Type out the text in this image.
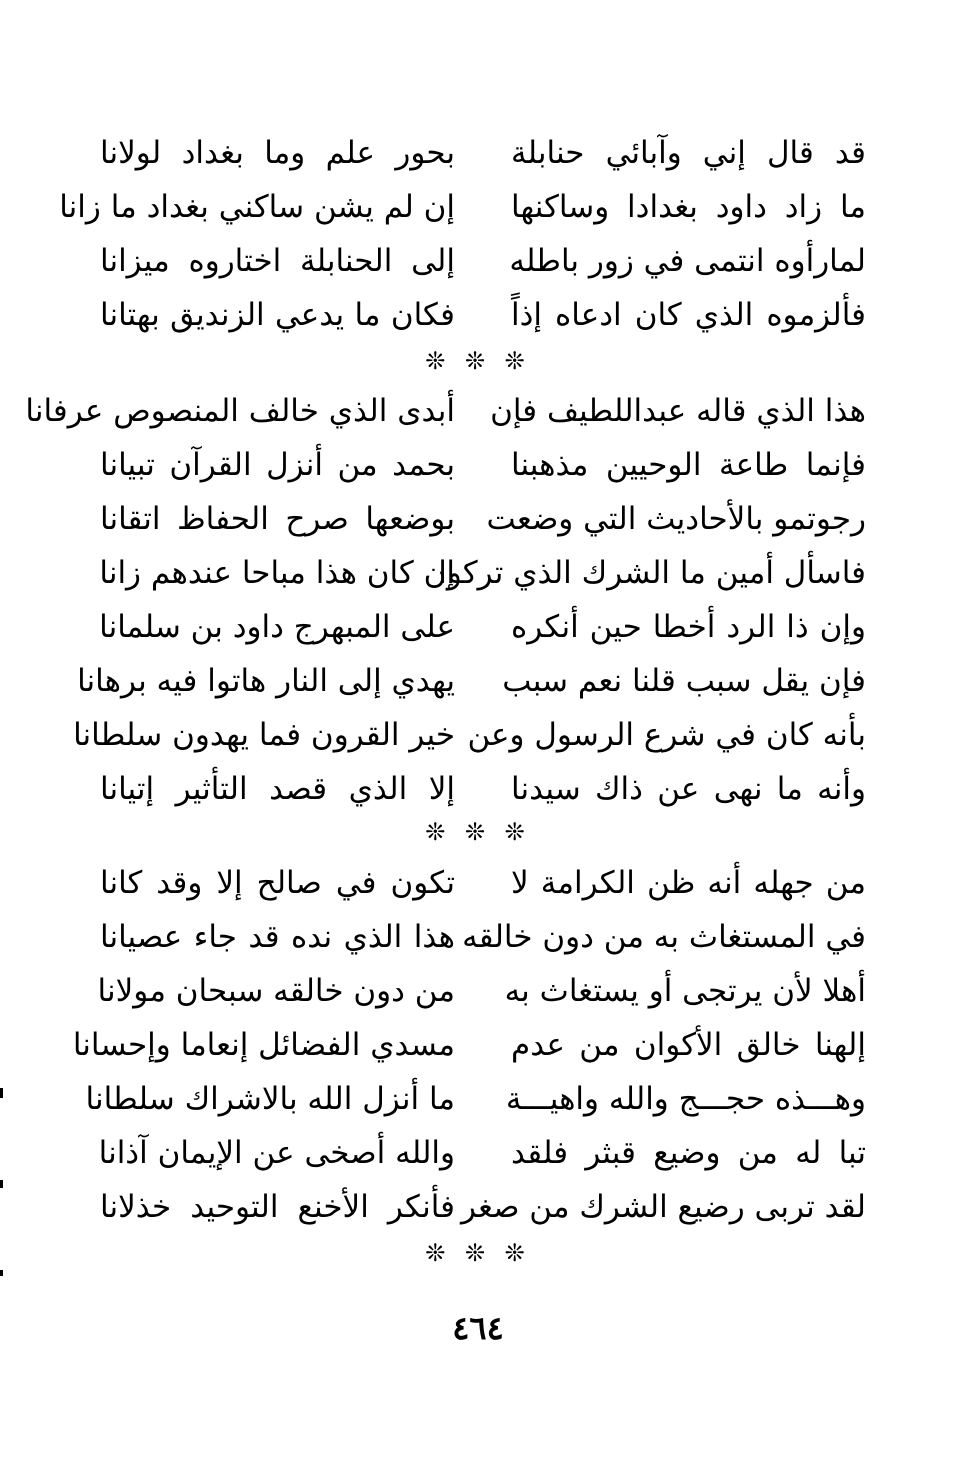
قد قال إني وآبائي حنابلة
بحور علم وما بغداد لولانا
ما زاد داود بغدادا وساكنها
إن لم يشن ساكني بغداد ما زانا
لمارأوه انتمى في زور باطله
إلى الحنابلة اختاروه ميزانا
فألزموه الذي كان ادعاه إذاً
فكان ما يدعي الزنديق بهتانا
❊ ❊ ❊
هذا الذي قاله عبداللطيف فإن
أبدى الذي خالف المنصوص عرفانا
فإنما طاعة الوحيين مذهبنا
بحمد من أنزل القرآن تبيانا
رجوتمو بالأحاديث التي وضعت
بوضعها صرح الحفاظ اتقانا
فاسأل أمين ما الشرك الذي تركوا
إن كان هذا مباحا عندهم زانا
وإن ذا الرد أخطا حين أنكره
على المبهرج داود بن سلمانا
فإن يقل سبب قلنا نعم سبب
يهدي إلى النار هاتوا فيه برهانا
بأنه كان في شرع الرسول وعن
خير القرون فما يهدون سلطانا
وأنه ما نهى عن ذاك سيدنا
إلا الذي قصد التأثير إتيانا
❊ ❊ ❊
من جهله أنه ظن الكرامة لا
تكون في صالح إلا وقد كانا
في المستغاث به من دون خالقه
هذا الذي نده قد جاء عصيانا
أهلا لأن يرتجى أو يستغاث به
من دون خالقه سبحان مولانا
إلهنا خالق الأكوان من عدم
مسدي الفضائل إنعاما وإحسانا
وهـــذه حجـــج والله واهيـــة
ما أنزل الله بالاشراك سلطانا
تبا له من وضيع قبثر فلقد
والله أصخى عن الإيمان آذانا
لقد تربى رضيع الشرك من صغر
فأنكر الأخنع التوحيد خذلانا
❊ ❊ ❊
٤٦٤
